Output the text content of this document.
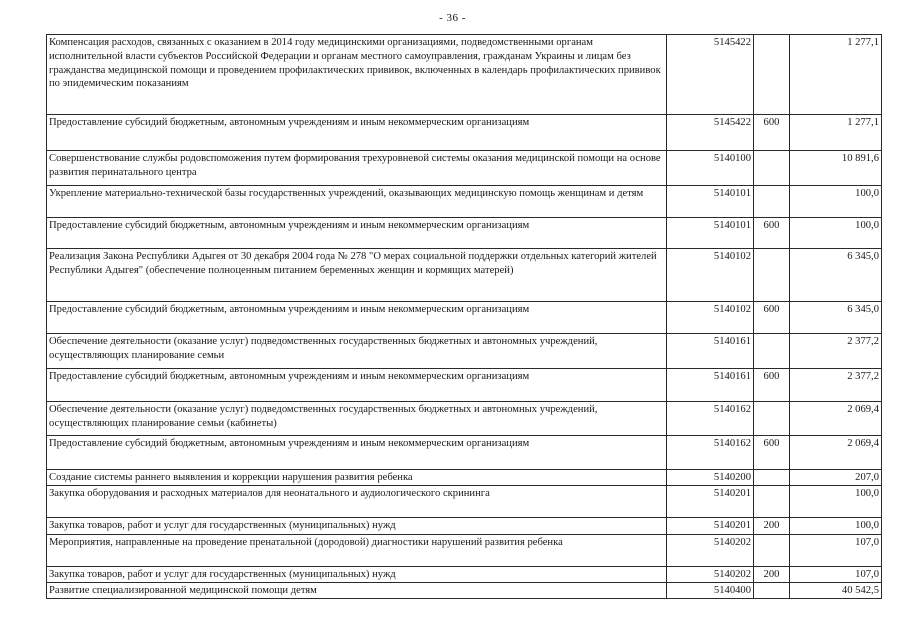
- 36 -
Компенсация расходов, связанных с оказанием в 2014 году медицинскими организациями, подведомственными органам исполнительной власти субъектов Российской Федерации и органам местного самоуправления, гражданам Украины и лицам без гражданства медицинской помощи и проведением профилактических прививок, включенных в календарь профилактических прививок по эпидемическим показаниям	5145422		1 277,1
Предоставление субсидий бюджетным, автономным учреждениям и иным некоммерческим организациям	5145422	600	1 277,1
Совершенствование службы родовспоможения путем формирования трехуровневой системы оказания медицинской помощи на основе развития перинатального центра	5140100		10 891,6
Укрепление материально-технической базы государственных учреждений, оказывающих медицинскую помощь женщинам и детям	5140101		100,0
Предоставление субсидий бюджетным, автономным учреждениям и иным некоммерческим организациям	5140101	600	100,0
Реализация Закона Республики Адыгея от 30 декабря 2004 года № 278 "О мерах социальной поддержки отдельных категорий жителей Республики Адыгея" (обеспечение полноценным питанием беременных женщин и кормящих матерей)	5140102		6 345,0
Предоставление субсидий бюджетным, автономным учреждениям и иным некоммерческим организациям	5140102	600	6 345,0
Обеспечение деятельности (оказание услуг) подведомственных государственных бюджетных и автономных учреждений, осуществляющих планирование семьи	5140161		2 377,2
Предоставление субсидий бюджетным, автономным учреждениям и иным некоммерческим организациям	5140161	600	2 377,2
Обеспечение деятельности (оказание услуг) подведомственных государственных бюджетных и автономных учреждений, осуществляющих планирование семьи (кабинеты)	5140162		2 069,4
Предоставление субсидий бюджетным, автономным учреждениям и иным некоммерческим организациям	5140162	600	2 069,4
Создание системы раннего выявления и коррекции нарушения развития ребенка	5140200		207,0
Закупка оборудования и расходных материалов для неонатального и аудиологического скрининга	5140201		100,0
Закупка товаров, работ и услуг для государственных (муниципальных) нужд	5140201	200	100,0
Мероприятия, направленные на проведение пренатальной (дородовой) диагностики нарушений развития ребенка	5140202		107,0
Закупка товаров, работ и услуг для государственных (муниципальных) нужд	5140202	200	107,0
Развитие специализированной медицинской помощи детям	5140400		40 542,5
